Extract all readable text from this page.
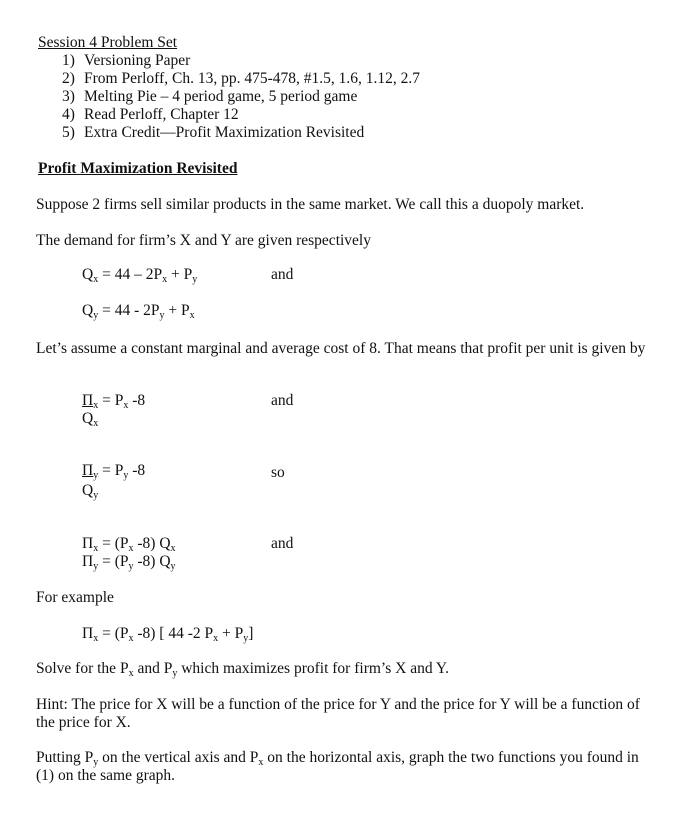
Session 4 Problem Set
1) Versioning Paper
2) From Perloff, Ch. 13, pp. 475-478, #1.5, 1.6, 1.12, 2.7
3) Melting Pie – 4 period game, 5 period game
4) Read Perloff, Chapter 12
5) Extra Credit—Profit Maximization Revisited
Profit Maximization Revisited
Suppose 2 firms sell similar products in the same market. We call this a duopoly market.
The demand for firm’s X and Y are given respectively
$Q_x = 44 - 2P_x + P_y$	and
$Q_y = 44 - 2P_y + P_x$
Let’s assume a constant marginal and average cost of 8. That means that profit per unit is given by
$\Pi_x = P_x$ -8
$Q_x$
and
$\Pi_y = P_y$ -8
$Q_y$
so
$\Pi_x = (P_x$ -8) $Q_x$	and
$\Pi_y = (P_y$ -8) $Q_y$
For example
$\Pi_x = (P_x$ -8) [ 44 -2 $P_x + P_y$]
Solve for the $P_x$ and $P_y$ which maximizes profit for firm’s X and Y.
Hint: The price for X will be a function of the price for Y and the price for Y will be a function of the price for X.
Putting $P_y$ on the vertical axis and $P_x$ on the horizontal axis, graph the two functions you found in (1) on the same graph.
